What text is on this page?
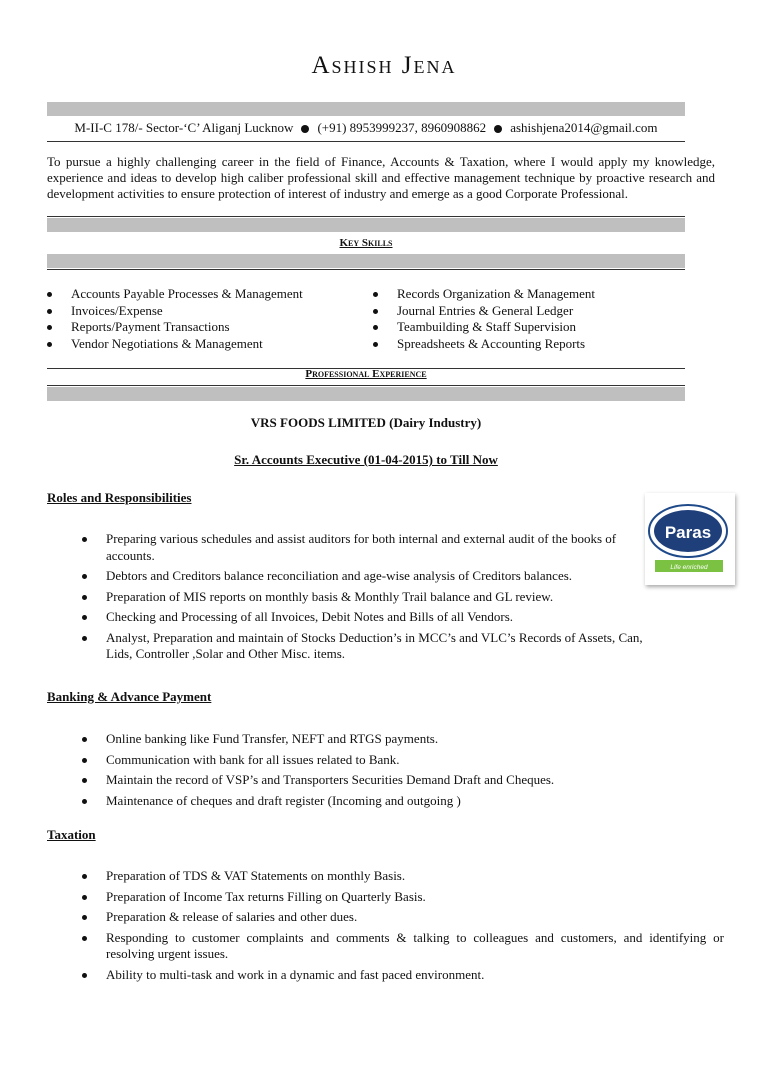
Ashish Jena
M-II-C 178/- Sector-‘C’ Aliganj Lucknow (+91) 8953999237, 8960908862 ashishjena2014@gmail.com
To pursue a highly challenging career in the field of Finance, Accounts & Taxation, where I would apply my knowledge, experience and ideas to develop high caliber professional skill and effective management technique by proactive research and development activities to ensure protection of interest of industry and emerge as a good Corporate Professional.
Key Skills
Accounts Payable Processes & Management
Invoices/Expense
Reports/Payment Transactions
Vendor Negotiations & Management
Records Organization & Management
Journal Entries & General Ledger
Teambuilding & Staff Supervision
Spreadsheets & Accounting Reports
Professional Experience
VRS FOODS LIMITED (Dairy Industry)
Sr. Accounts Executive (01-04-2015) to Till Now
Paras
Life enriched
Roles and Responsibilities
Preparing various schedules and assist auditors for both internal and external audit of the books of accounts.
Debtors and Creditors balance reconciliation and age-wise analysis of Creditors balances.
Preparation of MIS reports on monthly basis & Monthly Trail balance and GL review.
Checking and Processing of all Invoices, Debit Notes and Bills of all Vendors.
Analyst, Preparation and maintain of Stocks Deduction’s in MCC’s and VLC’s Records of Assets, Can, Lids, Controller ,Solar and Other Misc. items.
Banking & Advance Payment
Online banking like Fund Transfer, NEFT and RTGS payments.
Communication with bank for all issues related to Bank.
Maintain the record of VSP’s and Transporters Securities Demand Draft and Cheques.
Maintenance of cheques and draft register (Incoming and outgoing )
Taxation
Preparation of TDS & VAT Statements on monthly Basis.
Preparation of Income Tax returns Filling on Quarterly Basis.
Preparation & release of salaries and other dues.
Responding to customer complaints and comments & talking to colleagues and customers, and identifying or resolving urgent issues.
Ability to multi-task and work in a dynamic and fast paced environment.
